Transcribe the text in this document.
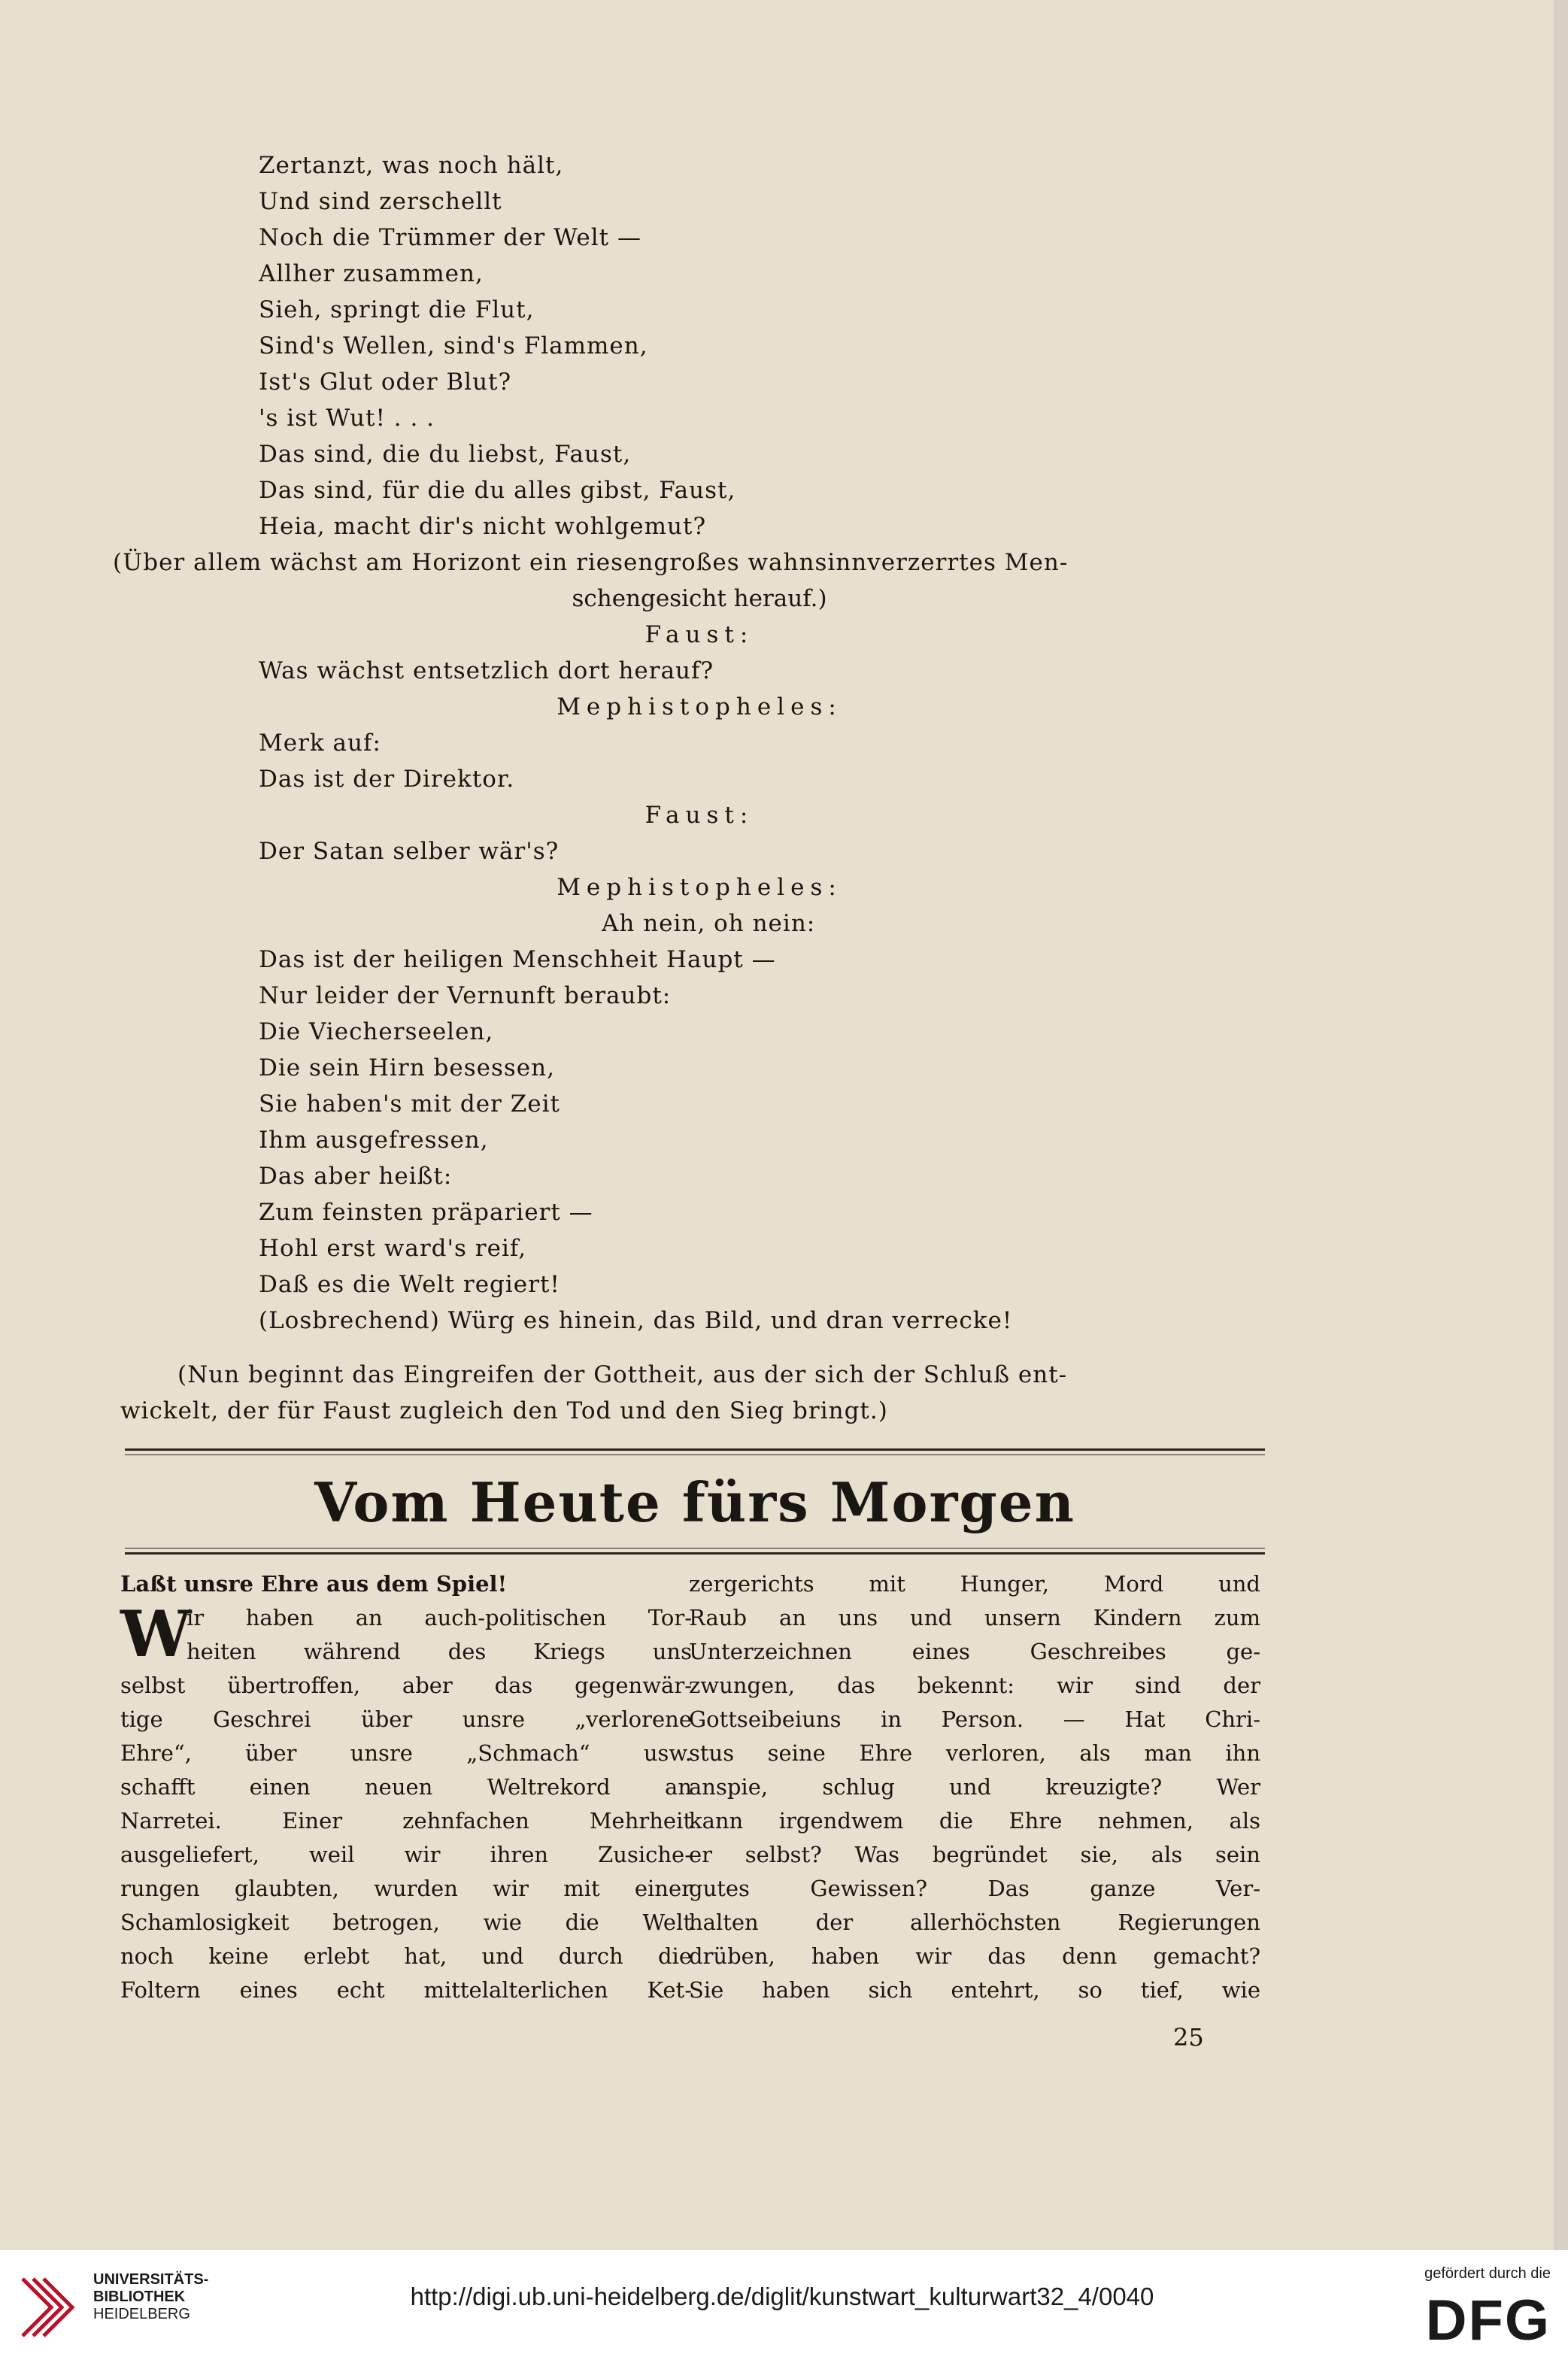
Zertanzt, was noch hält,
Und sind zerschellt
Noch die Trümmer der Welt —
Allher zusammen,
Sieh, springt die Flut,
Sind's Wellen, sind's Flammen,
Ist's Glut oder Blut?
's ist Wut! . . .
Das sind, die du liebst, Faust,
Das sind, für die du alles gibst, Faust,
Heia, macht dir's nicht wohlgemut?
(Über allem wächst am Horizont ein riesengroßes wahnsinnverzerrtes Men-
schengesicht herauf.)
Faust:
Was wächst entsetzlich dort herauf?
Mephistopheles:
Merk auf:
Das ist der Direktor.
Faust:
Der Satan selber wär's?
Mephistopheles:
Ah nein, oh nein:
Das ist der heiligen Menschheit Haupt —
Nur leider der Vernunft beraubt:
Die Viecherseelen,
Die sein Hirn besessen,
Sie haben's mit der Zeit
Ihm ausgefressen,
Das aber heißt:
Zum feinsten präpariert —
Hohl erst ward's reif,
Daß es die Welt regiert!
(Losbrechend) Würg es hinein, das Bild, und dran verrecke!
(Nun beginnt das Eingreifen der Gottheit, aus der sich der Schluß ent-
wickelt, der für Faust zugleich den Tod und den Sieg bringt.)
Vom Heute fürs Morgen
Laßt unsre Ehre aus dem Spiel!
W
ir haben an auch-politischen Tor-
heiten während des Kriegs uns
selbst übertroffen, aber das gegenwär-
tige Geschrei über unsre „verlorene
Ehre“, über unsre „Schmach“ usw.
schafft einen neuen Weltrekord an
Narretei. Einer zehnfachen Mehrheit
ausgeliefert, weil wir ihren Zusiche-
rungen glaubten, wurden wir mit einer
Schamlosigkeit betrogen, wie die Welt
noch keine erlebt hat, und durch die
Foltern eines echt mittelalterlichen Ket-
zergerichts mit Hunger, Mord und
Raub an uns und unsern Kindern zum
Unterzeichnen eines Geschreibes ge-
zwungen, das bekennt: wir sind der
Gottseibeiuns in Person. — Hat Chri-
stus seine Ehre verloren, als man ihn
anspie, schlug und kreuzigte? Wer
kann irgendwem die Ehre nehmen, als
er selbst? Was begründet sie, als sein
gutes Gewissen? Das ganze Ver-
halten der allerhöchsten Regierungen
drüben, haben wir das denn gemacht?
Sie haben sich entehrt, so tief, wie
25
UNIVERSITÄTS-
BIBLIOTHEK
HEIDELBERG
http://digi.ub.uni-heidelberg.de/diglit/kunstwart_kulturwart32_4/0040
gefördert durch die
DFG
